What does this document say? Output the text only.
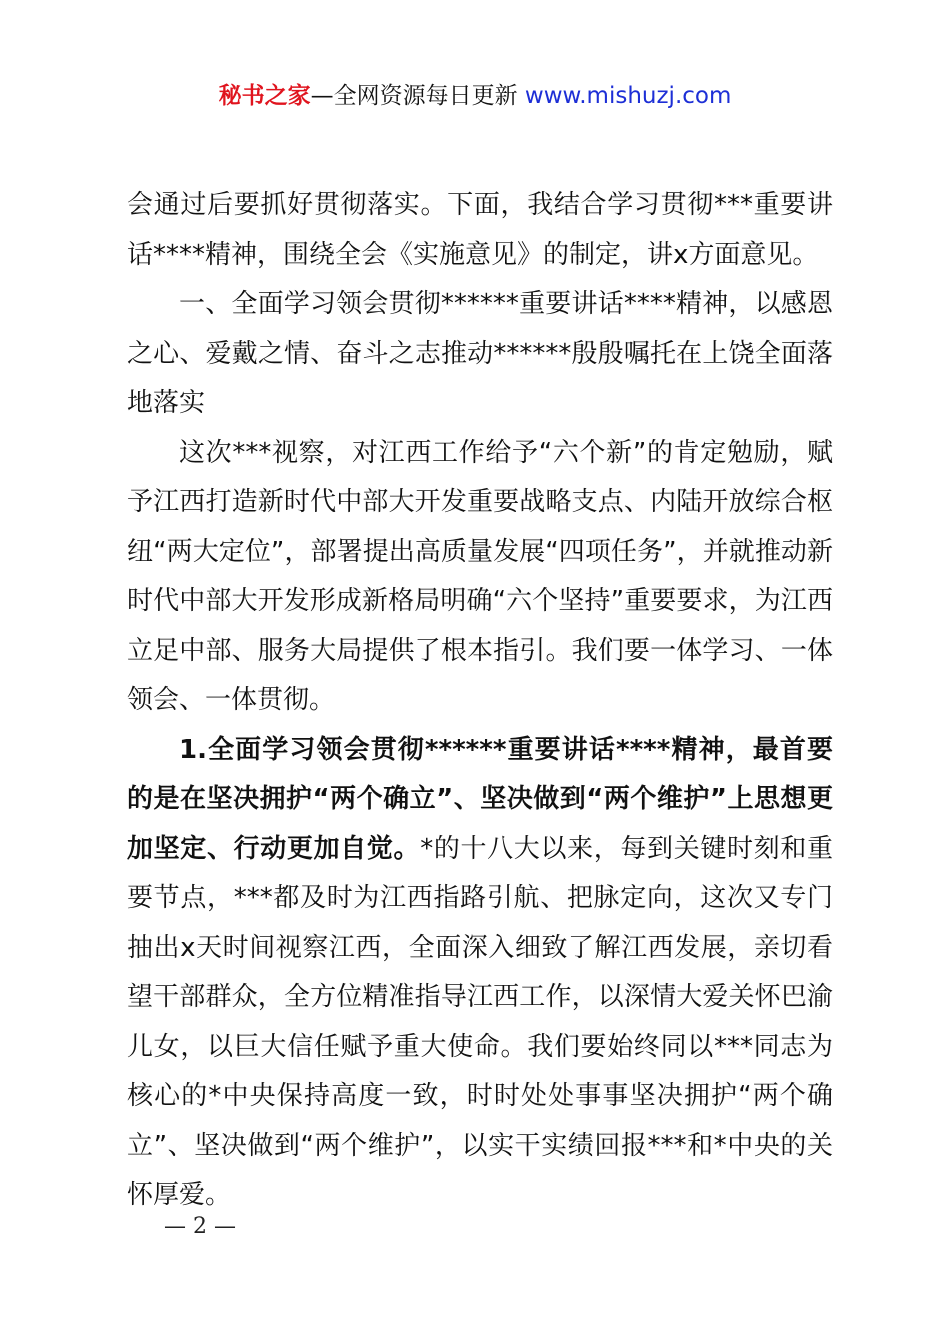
秘书之家—全网资源每日更新 www.mishuzj.com

会通过后要抓好贯彻落实。下面，我结合学习贯彻***重要讲话****精神，围绕全会《实施意见》的制定，讲x方面意见。

一、全面学习领会贯彻******重要讲话****精神，以感恩之心、爱戴之情、奋斗之志推动******殷殷嘱托在上饶全面落地落实

这次***视察，对江西工作给予“六个新”的肯定勉励，赋予江西打造新时代中部大开发重要战略支点、内陆开放综合枢纽“两大定位”，部署提出高质量发展“四项任务”，并就推动新时代中部大开发形成新格局明确“六个坚持”重要要求，为江西立足中部、服务大局提供了根本指引。我们要一体学习、一体领会、一体贯彻。

1.全面学习领会贯彻******重要讲话****精神，最首要的是在坚决拥护“两个确立”、坚决做到“两个维护”上思想更加坚定、行动更加自觉。*的十八大以来，每到关键时刻和重要节点，***都及时为江西指路引航、把脉定向，这次又专门抽出x天时间视察江西，全面深入细致了解江西发展，亲切看望干部群众，全方位精准指导江西工作，以深情大爱关怀巴渝儿女，以巨大信任赋予重大使命。我们要始终同以***同志为核心的*中央保持高度一致，时时处处事事坚决拥护“两个确立”、坚决做到“两个维护”，以实干实绩回报***和*中央的关怀厚爱。

— 2 —
